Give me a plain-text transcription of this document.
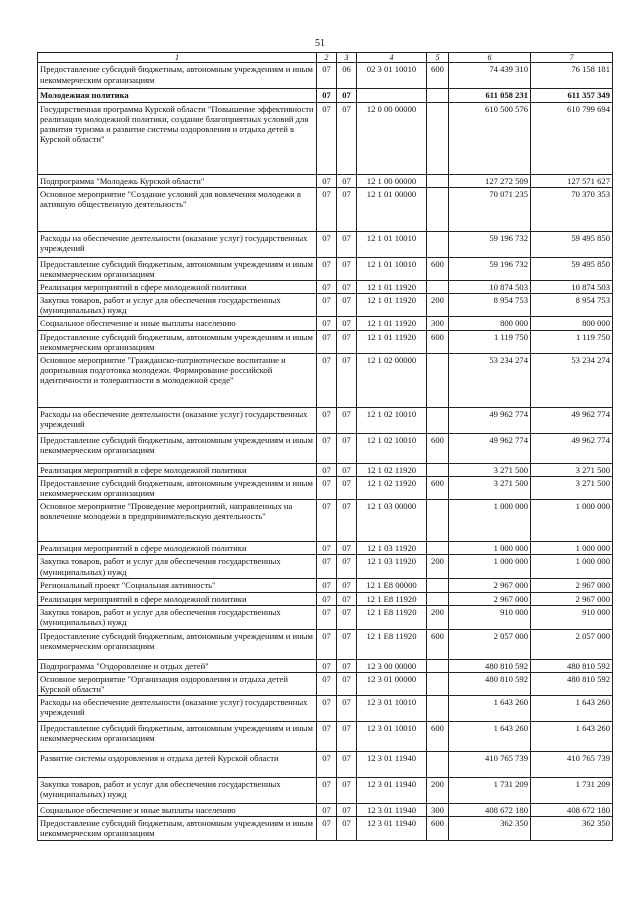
51
1	2	3	4	5	6	7
Предоставление субсидий бюджетным, автономным учреждениям и иным некоммерческим организациям	07	06	02 3 01 10010	600	74 439 310	76 158 181
Молодежная политика	07	07			611 058 231	611 357 349
Государственная программа Курской области "Повышение эффективности реализации молодежной политики, создание благоприятных условий для развития туризма и развитие системы оздоровления и отдыха детей в Курской области"	07	07	12 0 00 00000		610 500 576	610 799 694
Подпрограмма "Молодежь Курской области"	07	07	12 1 00 00000		127 272 509	127 571 627
Основное мероприятие "Создание условий для вовлечения молодежи в активную общественную деятельность"	07	07	12 1 01 00000		70 071 235	70 370 353
Расходы на обеспечение деятельности (оказание услуг) государственных учреждений	07	07	12 1 01 10010		59 196 732	59 495 850
Предоставление субсидий бюджетным, автономным учреждениям и иным некоммерческим организациям	07	07	12 1 01 10010	600	59 196 732	59 495 850
Реализация мероприятий в сфере молодежной политики	07	07	12 1 01 11920		10 874 503	10 874 503
Закупка товаров, работ и услуг для обеспечения государственных (муниципальных) нужд	07	07	12 1 01 11920	200	8 954 753	8 954 753
Социальное обеспечение и иные выплаты населению	07	07	12 1 01 11920	300	800 000	800 000
Предоставление субсидий бюджетным, автономным учреждениям и иным некоммерческим организациям	07	07	12 1 01 11920	600	1 119 750	1 119 750
Основное мероприятие "Гражданско-патриотическое воспитание и допризывная подготовка молодежи. Формирование российской идентичности и толерантности в молодежной среде"	07	07	12 1 02 00000		53 234 274	53 234 274
Расходы на обеспечение деятельности (оказание услуг) государственных учреждений	07	07	12 1 02 10010		49 962 774	49 962 774
Предоставление субсидий бюджетным, автономным учреждениям и иным некоммерческим организациям	07	07	12 1 02 10010	600	49 962 774	49 962 774
Реализация мероприятий в сфере молодежной политики	07	07	12 1 02 11920		3 271 500	3 271 500
Предоставление субсидий бюджетным, автономным учреждениям и иным некоммерческим организациям	07	07	12 1 02 11920	600	3 271 500	3 271 500
Основное мероприятие "Проведение мероприятий, направленных на вовлечение молодежи в предпринимательскую деятельность"	07	07	12 1 03 00000		1 000 000	1 000 000
Реализация мероприятий в сфере молодежной политики	07	07	12 1 03 11920		1 000 000	1 000 000
Закупка товаров, работ и услуг для обеспечения государственных (муниципальных) нужд	07	07	12 1 03 11920	200	1 000 000	1 000 000
Региональный проект "Социальная активность"	07	07	12 1 E8 00000		2 967 000	2 967 000
Реализация мероприятий в сфере молодежной политики	07	07	12 1 E8 11920		2 967 000	2 967 000
Закупка товаров, работ и услуг для обеспечения государственных (муниципальных) нужд	07	07	12 1 E8 11920	200	910 000	910 000
Предоставление субсидий бюджетным, автономным учреждениям и иным некоммерческим организациям	07	07	12 1 E8 11920	600	2 057 000	2 057 000
Подпрограмма "Оздоровление и отдых детей"	07	07	12 3 00 00000		480 810 592	480 810 592
Основное мероприятие "Организация оздоровления и отдыха детей Курской области"	07	07	12 3 01 00000		480 810 592	480 810 592
Расходы на обеспечение деятельности (оказание услуг) государственных учреждений	07	07	12 3 01 10010		1 643 260	1 643 260
Предоставление субсидий бюджетным, автономным учреждениям и иным некоммерческим организациям	07	07	12 3 01 10010	600	1 643 260	1 643 260
Развитие системы оздоровления и отдыха детей Курской области	07	07	12 3 01 11940		410 765 739	410 765 739
Закупка товаров, работ и услуг для обеспечения государственных (муниципальных) нужд	07	07	12 3 01 11940	200	1 731 209	1 731 209
Социальное обеспечение и иные выплаты населению	07	07	12 3 01 11940	300	408 672 180	408 672 180
Предоставление субсидий бюджетным, автономным учреждениям и иным некоммерческим организациям	07	07	12 3 01 11940	600	362 350	362 350
